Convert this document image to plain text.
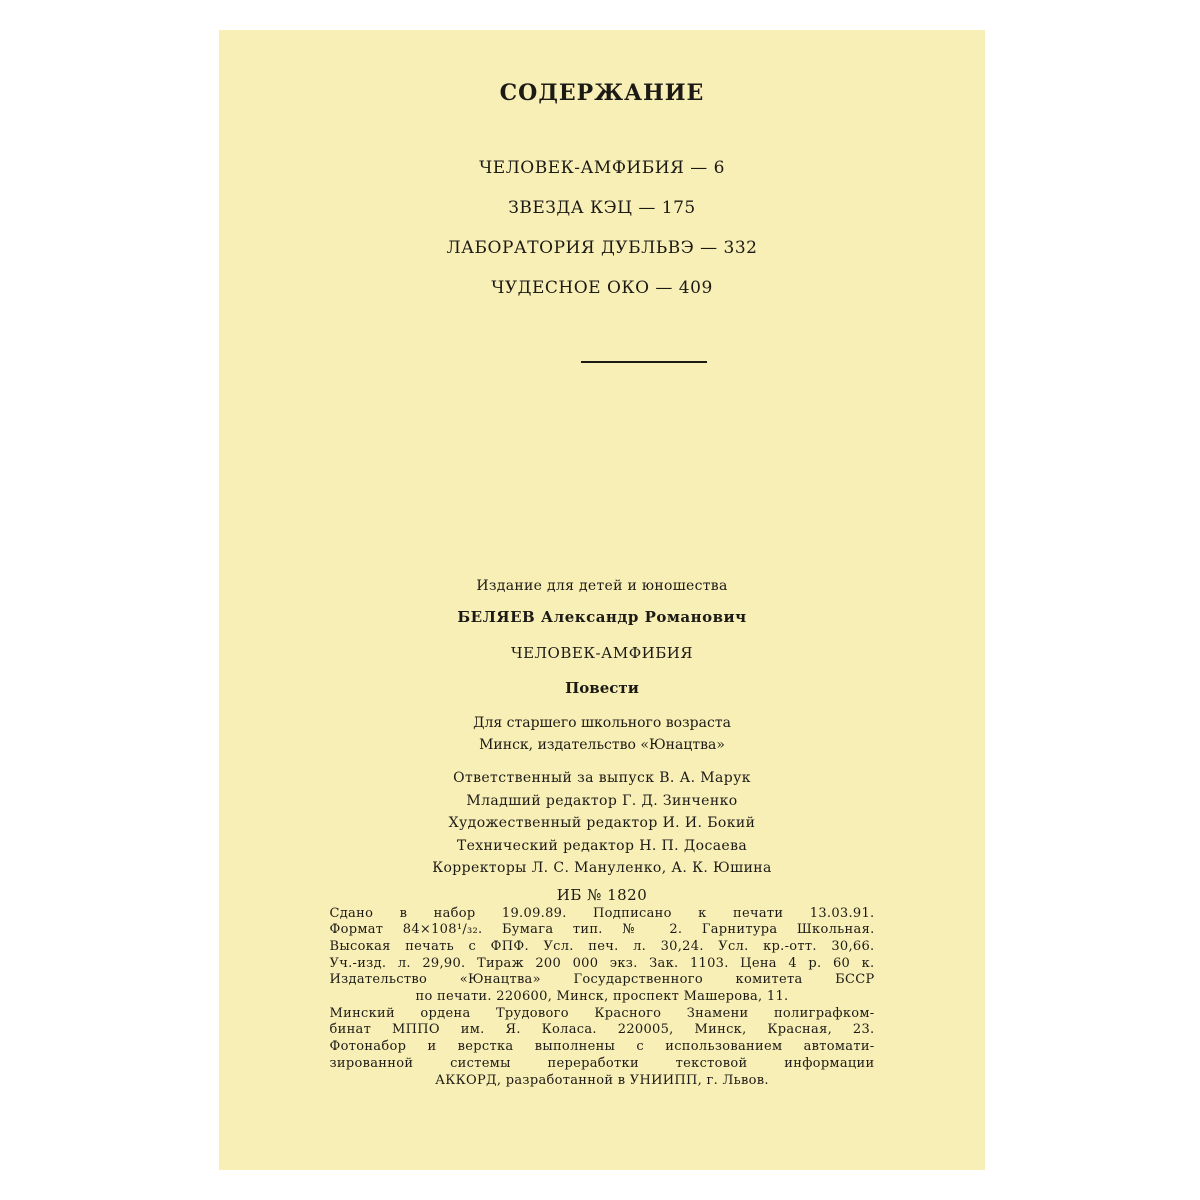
СОДЕРЖАНИЕ
ЧЕЛОВЕК-АМФИБИЯ — 6
ЗВЕЗДА КЭЦ — 175
ЛАБОРАТОРИЯ ДУБЛЬВЭ — 332
ЧУДЕСНОЕ ОКО — 409
Издание для детей и юношества
БЕЛЯЕВ Александр Романович
ЧЕЛОВЕК-АМФИБИЯ
Повести
Для старшего школьного возраста
Минск, издательство «Юнацтва»
Ответственный за выпуск В. А. Марук
Младший редактор Г. Д. Зинченко
Художественный редактор И. И. Бокий
Технический редактор Н. П. Досаева
Корректоры Л. С. Мануленко, А. К. Юшина
ИБ № 1820
Сдано в набор 19.09.89. Подписано к печати 13.03.91.
Формат 84×108¹/₃₂. Бумага тип. № 2. Гарнитура Школьная.
Высокая печать с ФПФ. Усл. печ. л. 30,24. Усл. кр.-отт. 30,66.
Уч.-изд. л. 29,90. Тираж 200 000 экз. Зак. 1103. Цена 4 р. 60 к.
Издательство «Юнацтва» Государственного комитета БССР
по печати. 220600, Минск, проспект Машерова, 11.
Минский ордена Трудового Красного Знамени полиграфком-
бинат МППО им. Я. Коласа. 220005, Минск, Красная, 23.
Фотонабор и верстка выполнены с использованием автомати-
зированной системы переработки текстовой информации
АККОРД, разработанной в УНИИПП, г. Львов.
